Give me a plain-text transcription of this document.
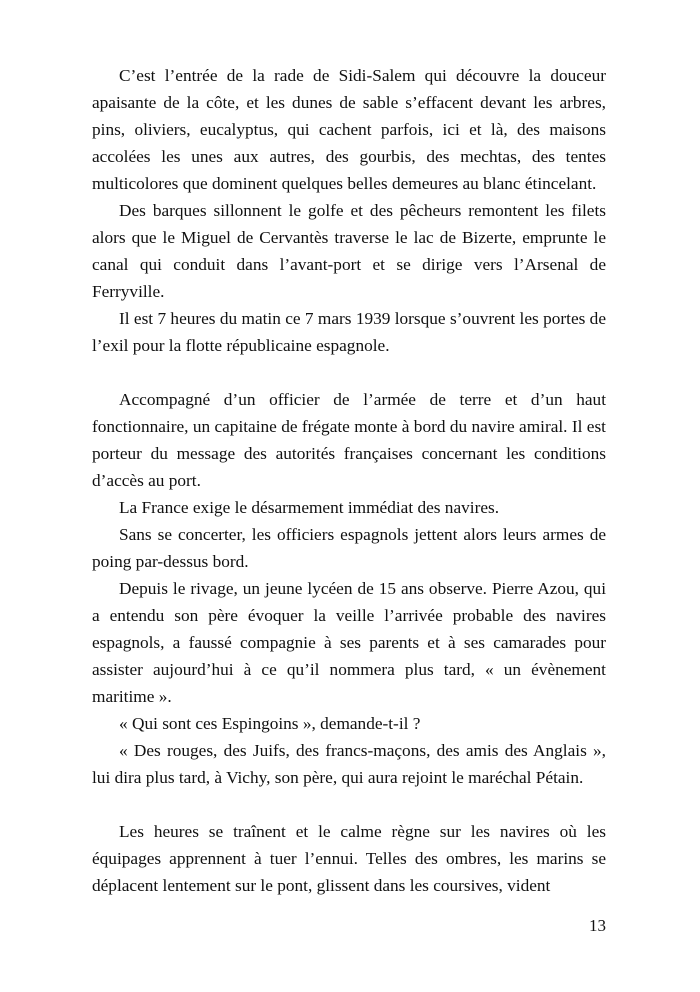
C’est l’entrée de la rade de Sidi-Salem qui découvre la douceur apaisante de la côte, et les dunes de sable s’effacent devant les arbres, pins, oliviers, eucalyptus, qui cachent parfois, ici et là, des maisons accolées les unes aux autres, des gourbis, des mechtas, des tentes multicolores que dominent quelques belles demeures au blanc étincelant.

Des barques sillonnent le golfe et des pêcheurs remontent les filets alors que le Miguel de Cervantès traverse le lac de Bizerte, emprunte le canal qui conduit dans l’avant-port et se dirige vers l’Arsenal de Ferryville.

Il est 7 heures du matin ce 7 mars 1939 lorsque s’ouvrent les portes de l’exil pour la flotte républicaine espagnole.

Accompagné d’un officier de l’armée de terre et d’un haut fonctionnaire, un capitaine de frégate monte à bord du navire amiral. Il est porteur du message des autorités françaises concernant les conditions d’accès au port.

La France exige le désarmement immédiat des navires.

Sans se concerter, les officiers espagnols jettent alors leurs armes de poing par-dessus bord.

Depuis le rivage, un jeune lycéen de 15 ans observe. Pierre Azou, qui a entendu son père évoquer la veille l’arrivée probable des navires espagnols, a faussé compagnie à ses parents et à ses camarades pour assister aujourd’hui à ce qu’il nommera plus tard, « un évènement maritime ».

« Qui sont ces Espingoins », demande-t-il ?

« Des rouges, des Juifs, des francs-maçons, des amis des Anglais », lui dira plus tard, à Vichy, son père, qui aura rejoint le maréchal Pétain.

Les heures se traînent et le calme règne sur les navires où les équipages apprennent à tuer l’ennui. Telles des ombres, les marins se déplacent lentement sur le pont, glissent dans les coursives, vident

13
